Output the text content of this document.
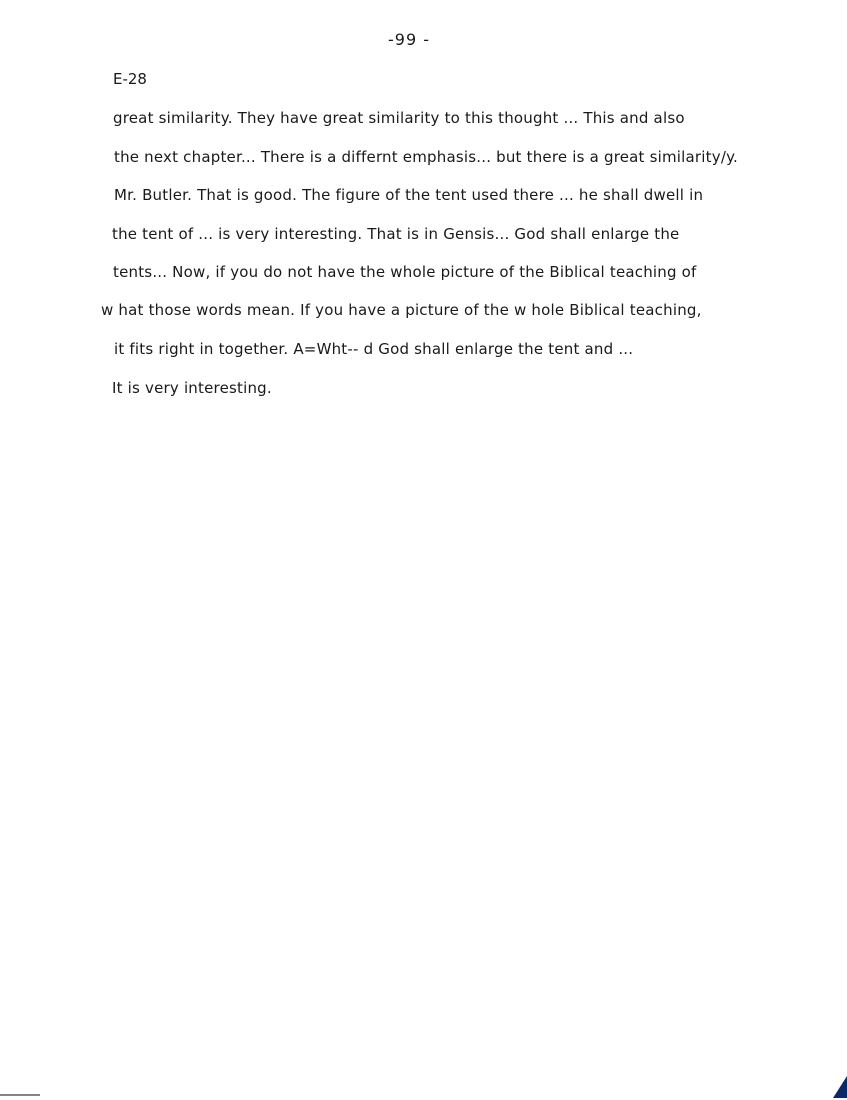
-99 -
E-28
great similarity. They have great similarity to this thought ... This and also
the next chapter... There is a differnt emphasis... but there is a great similarity/y.
Mr. Butler. That is good. The figure of the tent used there ... he shall dwell in
the tent of ... is very interesting. That is in Gensis... God shall enlarge the
tents... Now, if you do not have the whole picture of the Biblical teaching of
w hat those words mean. If you have a picture of the w hole Biblical teaching,
it fits right in together. A=Wht-- d God shall enlarge the tent and ...
It is very interesting.
